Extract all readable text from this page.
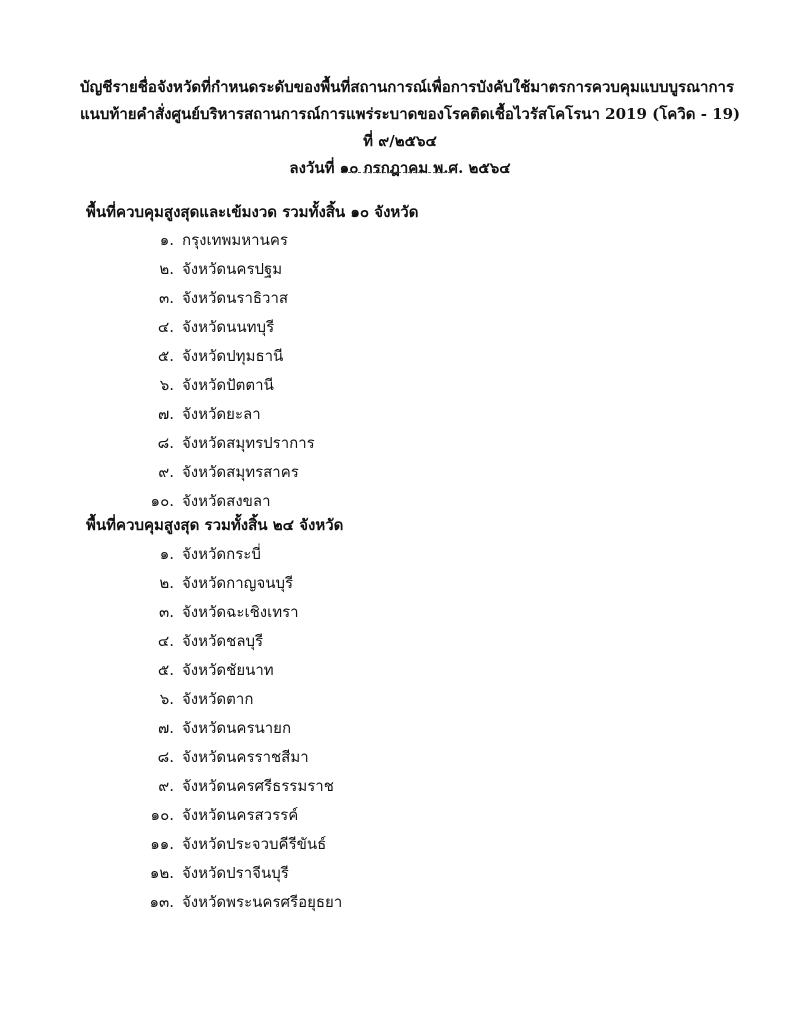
บัญชีรายชื่อจังหวัดที่กำหนดระดับของพื้นที่สถานการณ์เพื่อการบังคับใช้มาตรการควบคุมแบบบูรณาการ
แนบท้ายคำสั่งศูนย์บริหารสถานการณ์การแพร่ระบาดของโรคติดเชื้อไวรัสโคโรนา 2019 (โควิด - 19)
ที่ ๙/๒๕๖๔
ลงวันที่ ๑๐ กรกฎาคม พ.ศ. ๒๕๖๔
พื้นที่ควบคุมสูงสุดและเข้มงวด รวมทั้งสิ้น ๑๐ จังหวัด
๑. กรุงเทพมหานคร
๒. จังหวัดนครปฐม
๓. จังหวัดนราธิวาส
๔. จังหวัดนนทบุรี
๕. จังหวัดปทุมธานี
๖. จังหวัดปัตตานี
๗. จังหวัดยะลา
๘. จังหวัดสมุทรปราการ
๙. จังหวัดสมุทรสาคร
๑๐. จังหวัดสงขลา
พื้นที่ควบคุมสูงสุด รวมทั้งสิ้น ๒๔ จังหวัด
๑. จังหวัดกระบี่
๒. จังหวัดกาญจนบุรี
๓. จังหวัดฉะเชิงเทรา
๔. จังหวัดชลบุรี
๕. จังหวัดชัยนาท
๖. จังหวัดตาก
๗. จังหวัดนครนายก
๘. จังหวัดนครราชสีมา
๙. จังหวัดนครศรีธรรมราช
๑๐. จังหวัดนครสวรรค์
๑๑. จังหวัดประจวบคีรีขันธ์
๑๒. จังหวัดปราจีนบุรี
๑๓. จังหวัดพระนครศรีอยุธยา
